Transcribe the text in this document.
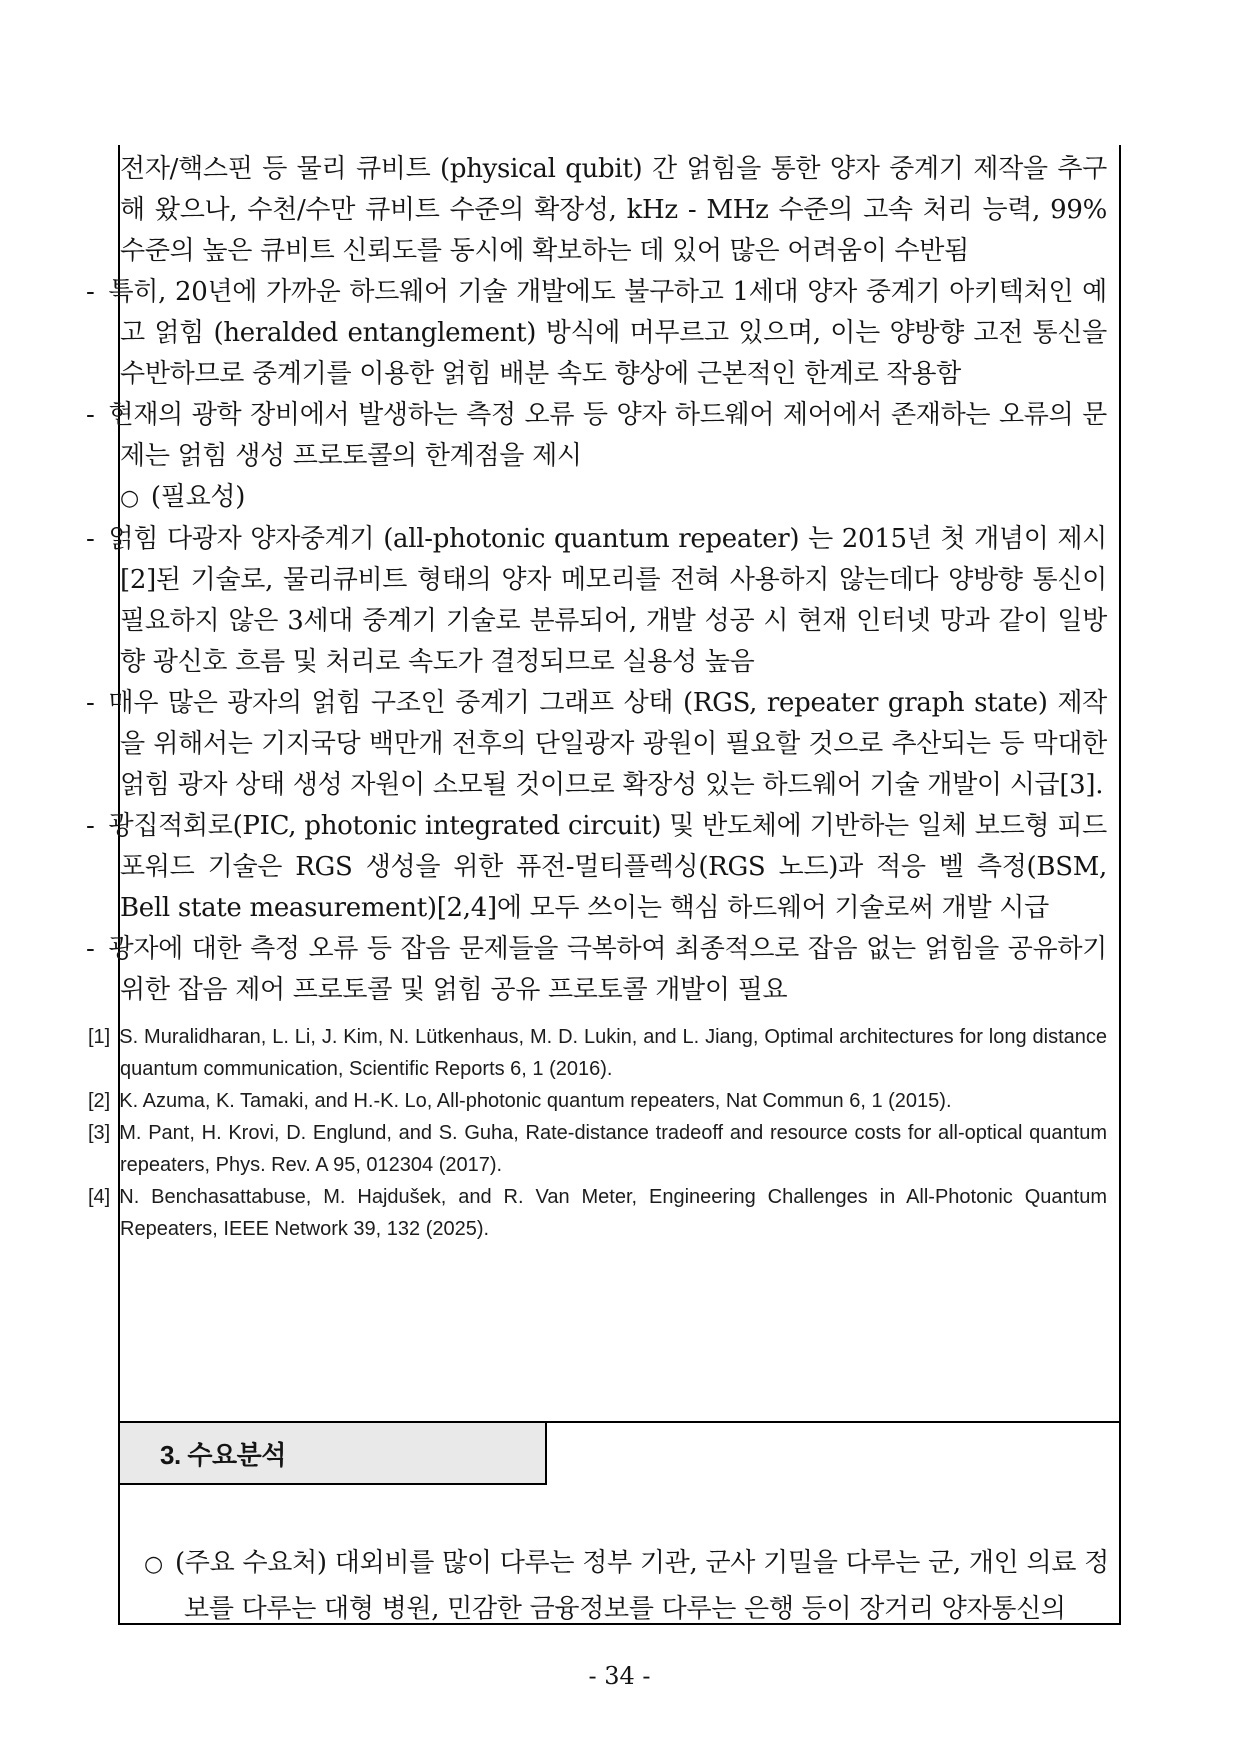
전자/핵스핀 등 물리 큐비트 (physical qubit) 간 얽힘을 통한 양자 중계기 제작을 추구해 왔으나, 수천/수만 큐비트 수준의 확장성, kHz - MHz 수준의 고속 처리 능력, 99% 수준의 높은 큐비트 신뢰도를 동시에 확보하는 데 있어 많은 어려움이 수반됨

- 특히, 20년에 가까운 하드웨어 기술 개발에도 불구하고 1세대 양자 중계기 아키텍처인 예고 얽힘 (heralded entanglement) 방식에 머무르고 있으며, 이는 양방향 고전 통신을 수반하므로 중계기를 이용한 얽힘 배분 속도 향상에 근본적인 한계로 작용함

- 현재의 광학 장비에서 발생하는 측정 오류 등 양자 하드웨어 제어에서 존재하는 오류의 문제는 얽힘 생성 프로토콜의 한계점을 제시

○ (필요성)

- 얽힘 다광자 양자중계기 (all-photonic quantum repeater) 는 2015년 첫 개념이 제시[2]된 기술로, 물리큐비트 형태의 양자 메모리를 전혀 사용하지 않는데다 양방향 통신이 필요하지 않은 3세대 중계기 기술로 분류되어, 개발 성공 시 현재 인터넷 망과 같이 일방향 광신호 흐름 및 처리로 속도가 결정되므로 실용성 높음

- 매우 많은 광자의 얽힘 구조인 중계기 그래프 상태 (RGS, repeater graph state) 제작을 위해서는 기지국당 백만개 전후의 단일광자 광원이 필요할 것으로 추산되는 등 막대한 얽힘 광자 상태 생성 자원이 소모될 것이므로 확장성 있는 하드웨어 기술 개발이 시급[3].

- 광집적회로(PIC, photonic integrated circuit) 및 반도체에 기반하는 일체 보드형 피드포워드 기술은 RGS 생성을 위한 퓨전-멀티플렉싱(RGS 노드)과 적응 벨 측정(BSM, Bell state measurement)[2,4]에 모두 쓰이는 핵심 하드웨어 기술로써 개발 시급

- 광자에 대한 측정 오류 등 잡음 문제들을 극복하여 최종적으로 잡음 없는 얽힘을 공유하기 위한 잡음 제어 프로토콜 및 얽힘 공유 프로토콜 개발이 필요

[1] S. Muralidharan, L. Li, J. Kim, N. Lütkenhaus, M. D. Lukin, and L. Jiang, Optimal architectures for long distance quantum communication, Scientific Reports 6, 1 (2016).

[2] K. Azuma, K. Tamaki, and H.-K. Lo, All-photonic quantum repeaters, Nat Commun 6, 1 (2015).

[3] M. Pant, H. Krovi, D. Englund, and S. Guha, Rate-distance tradeoff and resource costs for all-optical quantum repeaters, Phys. Rev. A 95, 012304 (2017).

[4] N. Benchasattabuse, M. Hajdušek, and R. Van Meter, Engineering Challenges in All-Photonic Quantum Repeaters, IEEE Network 39, 132 (2025).

3. 수요분석

○ (주요 수요처) 대외비를 많이 다루는 정부 기관, 군사 기밀을 다루는 군, 개인 의료 정보를 다루는 대형 병원, 민감한 금융정보를 다루는 은행 등이 장거리 양자통신의

- 34 -
